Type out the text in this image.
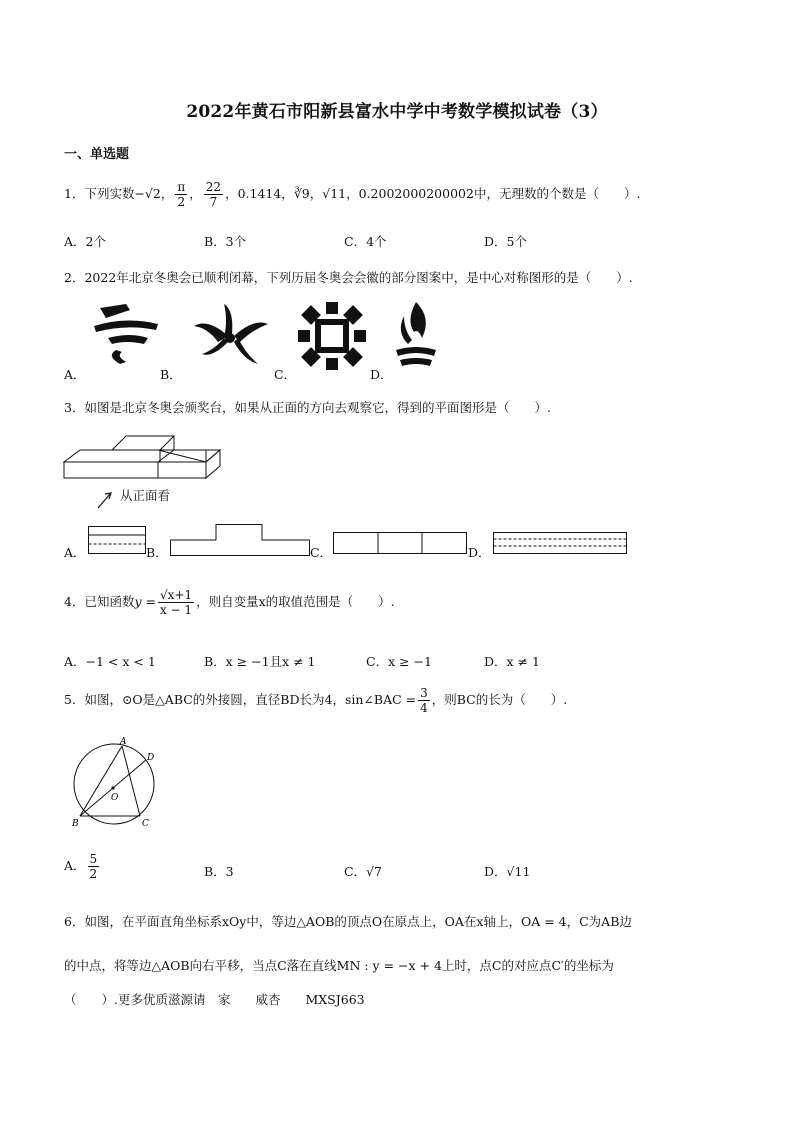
2022年黄石市阳新县富水中学中考数学模拟试卷（3）
一、单选题
1．下列实数−√2， $\frac{\pi}{2}$ ， $\frac{22}{7}$ ，0.1414，∛9，√11，0.2002000200002中，无理数的个数是（　　）.
A．2个	B．3个	C．4个	D．5个
2．2022年北京冬奥会已顺利闭幕，下列历届冬奥会会徽的部分图案中，是中心对称图形的是（　　）.
A．	B．	C．	D．
3．如图是北京冬奥会颁奖台，如果从正面的方向去观察它，得到的平面图形是（　　）.
从正面看
A．	B．	C．	D．
4．已知函数$y = \frac{√x+1}{x - 1}$ ，则自变量x的取值范围是（　　）.
A．−1 < x < 1	B．x ≥ −1且x ≠ 1	C．x ≥ −1	D．x ≠ 1
5．如图，⊙O是△ABC的外接圆，直径BD长为4，sin∠BAC = $\frac{3}{4}$ ，则BC的长为（　　）.
A
D
O
B	C
A． $\frac{5}{2}$	B．3	C．√7	D．√11
6．如图，在平面直角坐标系xOy中，等边△AOB的顶点O在原点上，OA在x轴上，OA = 4，C为AB边
的中点，将等边△AOB向右平移，当点C落在直线MN : y = −x + 4上时，点C的对应点C′的坐标为
（　　）.更多优质滋源请　家　　威杏　　MXSJ663
